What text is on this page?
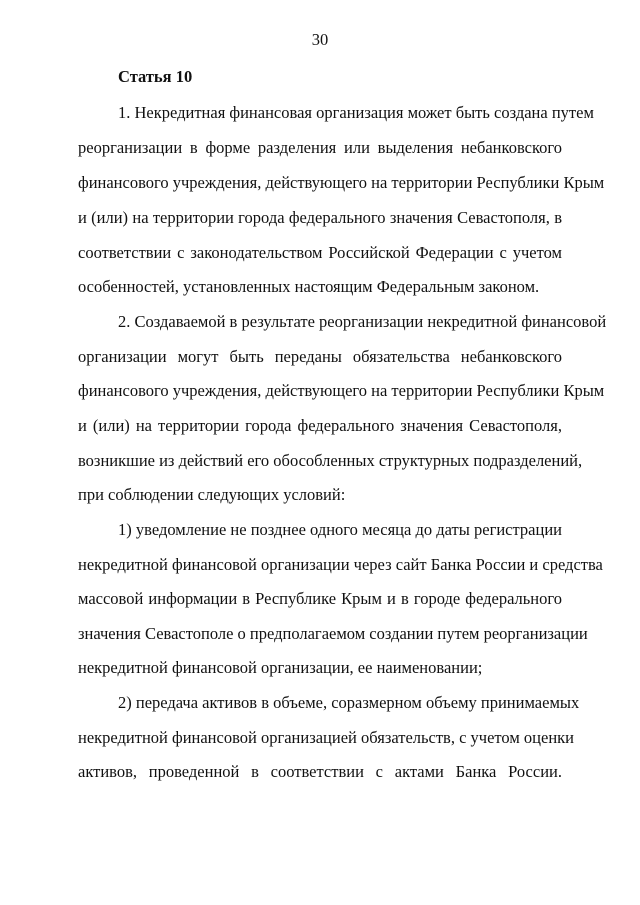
30
Статья 10
1. Некредитная финансовая организация может быть создана путем
реорганизации в форме разделения или выделения небанковского
финансового учреждения, действующего на территории Республики Крым
и (или) на территории города федерального значения Севастополя, в
соответствии с законодательством Российской Федерации с учетом
особенностей, установленных настоящим Федеральным законом.
2. Создаваемой в результате реорганизации некредитной финансовой
организации могут быть переданы обязательства небанковского
финансового учреждения, действующего на территории Республики Крым
и (или) на территории города федерального значения Севастополя,
возникшие из действий его обособленных структурных подразделений,
при соблюдении следующих условий:
1) уведомление не позднее одного месяца до даты регистрации
некредитной финансовой организации через сайт Банка России и средства
массовой информации в Республике Крым и в городе федерального
значения Севастополе о предполагаемом создании путем реорганизации
некредитной финансовой организации, ее наименовании;
2) передача активов в объеме, соразмерном объему принимаемых
некредитной финансовой организацией обязательств, с учетом оценки
активов, проведенной в соответствии с актами Банка России.
